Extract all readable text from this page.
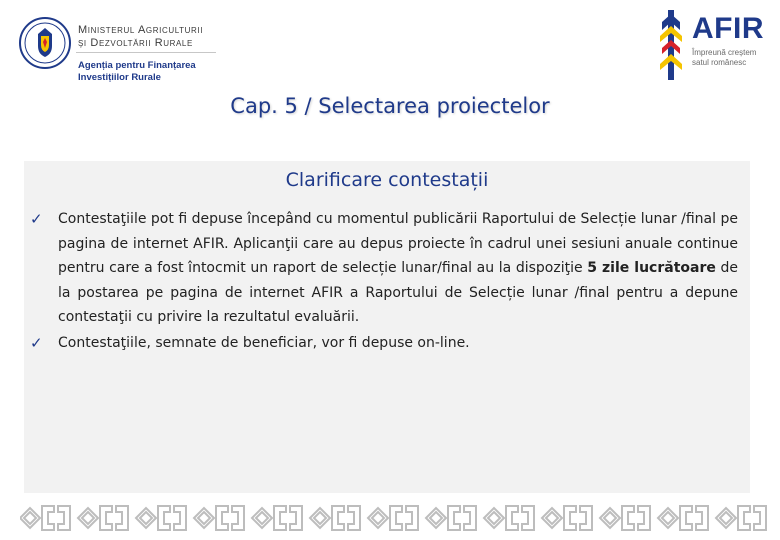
Ministerul Agriculturii
şi Dezvoltării Rurale
Agenția pentru Finanțarea
Investițiilor Rurale
AFIR
Împreună creștem
satul românesc
Cap. 5 / Selectarea proiectelor
Clarificare contestații
✓ Contestaţiile pot fi depuse începând cu momentul publicării Raportului de Selecție lunar /final pe pagina de internet AFIR. Aplicanţii care au depus proiecte în cadrul unei sesiuni anuale continue pentru care a fost întocmit un raport de selecție lunar/final au la dispoziţie 5 zile lucrătoare de la postarea pe pagina de internet AFIR a Raportului de Selecție lunar /final pentru a depune contestaţii cu privire la rezultatul evaluării.
✓ Contestaţiile, semnate de beneficiar, vor fi depuse on-line.
